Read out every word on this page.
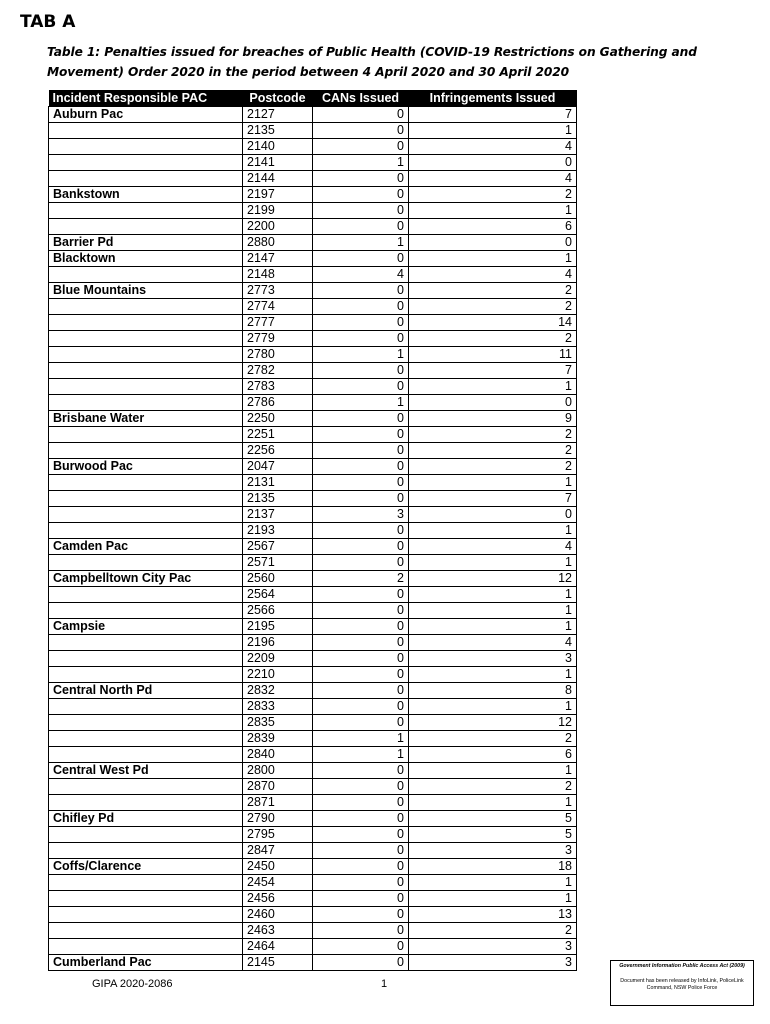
TAB A
Table 1: Penalties issued for breaches of Public Health (COVID-19 Restrictions on Gathering and Movement) Order 2020 in the period between 4 April 2020 and 30 April 2020
Incident Responsible PAC	Postcode	CANs Issued	Infringements Issued
Auburn Pac	2127	0	7
	2135	0	1
	2140	0	4
	2141	1	0
	2144	0	4
Bankstown	2197	0	2
	2199	0	1
	2200	0	6
Barrier Pd	2880	1	0
Blacktown	2147	0	1
	2148	4	4
Blue Mountains	2773	0	2
	2774	0	2
	2777	0	14
	2779	0	2
	2780	1	11
	2782	0	7
	2783	0	1
	2786	1	0
Brisbane Water	2250	0	9
	2251	0	2
	2256	0	2
Burwood Pac	2047	0	2
	2131	0	1
	2135	0	7
	2137	3	0
	2193	0	1
Camden Pac	2567	0	4
	2571	0	1
Campbelltown City Pac	2560	2	12
	2564	0	1
	2566	0	1
Campsie	2195	0	1
	2196	0	4
	2209	0	3
	2210	0	1
Central North Pd	2832	0	8
	2833	0	1
	2835	0	12
	2839	1	2
	2840	1	6
Central West Pd	2800	0	1
	2870	0	2
	2871	0	1
Chifley Pd	2790	0	5
	2795	0	5
	2847	0	3
Coffs/Clarence	2450	0	18
	2454	0	1
	2456	0	1
	2460	0	13
	2463	0	2
	2464	0	3
Cumberland Pac	2145	0	3
GIPA 2020-2086	1
Government Information Public Access Act (2009)
Document has been released by InfoLink, PoliceLink Command, NSW Police Force
